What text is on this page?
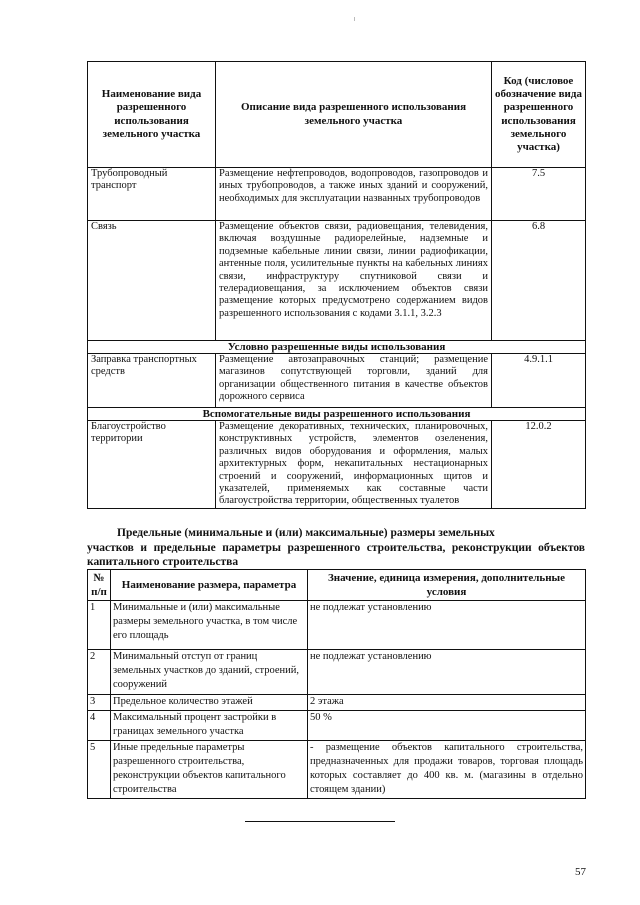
Наименование вида разрешенного использования земельного участка	Описание вида разрешенного использования земельного участка	Код (числовое обозначение вида разрешенного использования земельного участка)
Трубопроводный транспорт	Размещение нефтепроводов, водопроводов, газопроводов и иных трубопроводов, а также иных зданий и сооружений, необходимых для эксплуатации названных трубопроводов	7.5
Связь	Размещение объектов связи, радиовещания, телевидения, включая воздушные радиорелейные, надземные и подземные кабельные линии связи, линии радиофикации, антенные поля, усилительные пункты на кабельных линиях связи, инфраструктуру спутниковой связи и телерадиовещания, за исключением объектов связи размещение которых предусмотрено содержанием видов разрешенного использования с кодами 3.1.1, 3.2.3	6.8
Условно разрешенные виды использования		
Заправка транспортных средств	Размещение автозаправочных станций; размещение магазинов сопутствующей торговли, зданий для организации общественного питания в качестве объектов дорожного сервиса	4.9.1.1
Вспомогательные виды разрешенного использования		
Благоустройство территории	Размещение декоративных, технических, планировочных, конструктивных устройств, элементов озеленения, различных видов оборудования и оформления, малых архитектурных форм, некапитальных нестационарных строений и сооружений, информационных щитов и указателей, применяемых как составные части благоустройства территории, общественных туалетов	12.0.2

Предельные (минимальные и (или) максимальные) размеры земельных
участков и предельные параметры разрешенного строительства, реконструкции объектов капитального строительства

№ п/п	Наименование размера, параметра	Значение, единица измерения, дополнительные условия
1	Минимальные и (или) максимальные размеры земельного участка, в том числе его площадь	не подлежат установлению
2	Минимальный отступ от границ земельных участков до зданий, строений, сооружений	не подлежат установлению
3	Предельное количество этажей	2 этажа
4	Максимальный процент застройки в границах земельного участка	50 %
5	Иные предельные параметры разрешенного строительства, реконструкции объектов капитального строительства	- размещение объектов капитального строительства, предназначенных для продажи товаров, торговая площадь которых составляет до 400 кв. м. (магазины в отдельно стоящем здании)
57
